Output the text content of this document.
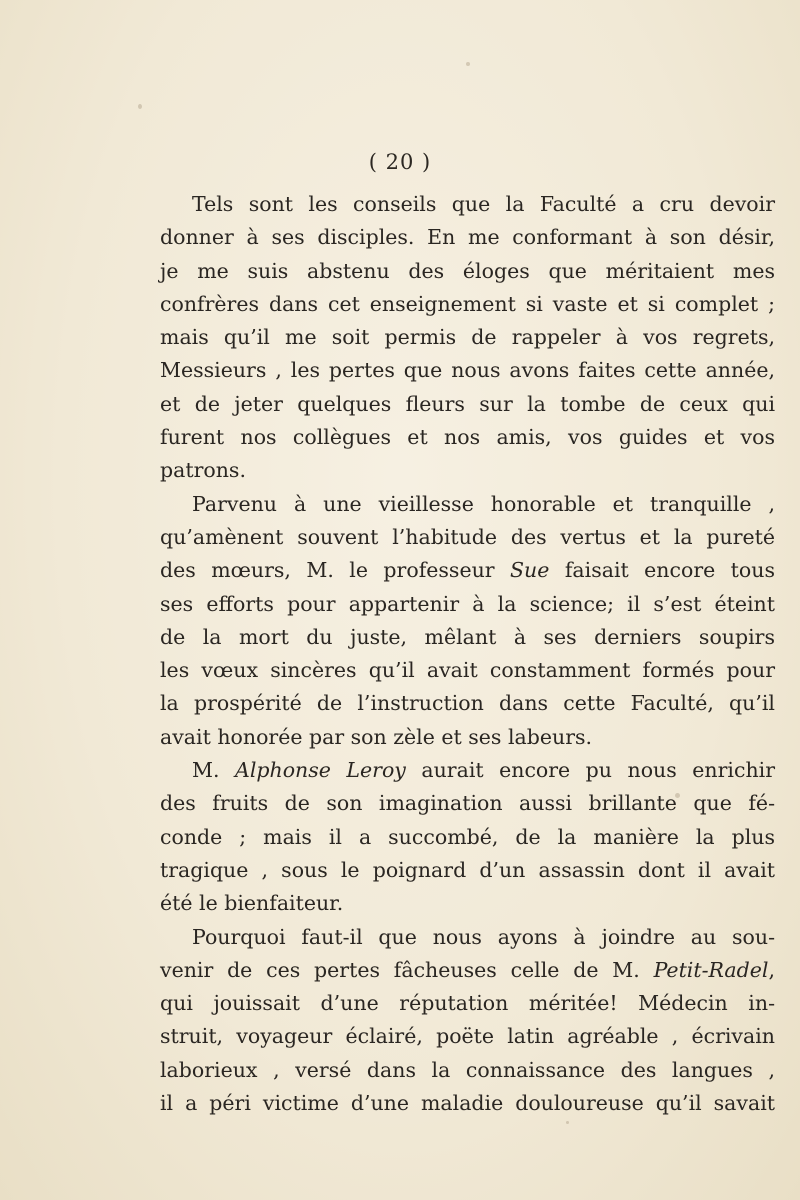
( 20 )
Tels sont les conseils que la Faculté a cru devoir
donner à ses disciples. En me conformant à son désir,
je me suis abstenu des éloges que méritaient mes
confrères dans cet enseignement si vaste et si complet ;
mais qu’il me soit permis de rappeler à vos regrets,
Messieurs , les pertes que nous avons faites cette année,
et de jeter quelques fleurs sur la tombe de ceux qui
furent nos collègues et nos amis, vos guides et vos
patrons.
Parvenu à une vieillesse honorable et tranquille ,
qu’amènent souvent l’habitude des vertus et la pureté
des mœurs, M. le professeur Sue faisait encore tous
ses efforts pour appartenir à la science; il s’est éteint
de la mort du juste, mêlant à ses derniers soupirs
les vœux sincères qu’il avait constamment formés pour
la prospérité de l’instruction dans cette Faculté, qu’il
avait honorée par son zèle et ses labeurs.
M. Alphonse Leroy aurait encore pu nous enrichir
des fruits de son imagination aussi brillante que fé-
conde ; mais il a succombé, de la manière la plus
tragique , sous le poignard d’un assassin dont il avait
été le bienfaiteur.
Pourquoi faut-il que nous ayons à joindre au sou-
venir de ces pertes fâcheuses celle de M. Petit-Radel,
qui jouissait d’une réputation méritée! Médecin in-
struit, voyageur éclairé, poëte latin agréable , écrivain
laborieux , versé dans la connaissance des langues ,
il a péri victime d’une maladie douloureuse qu’il savait
